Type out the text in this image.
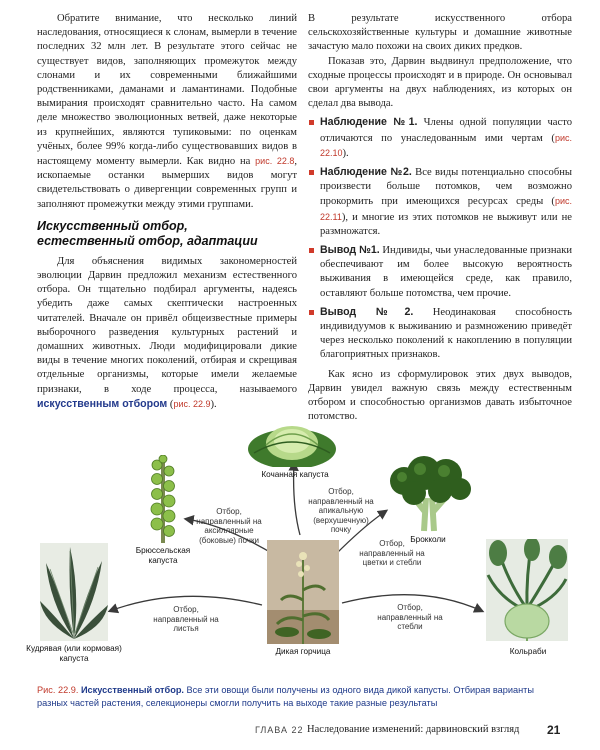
Обратите внимание, что несколько линий наследования, относящиеся к слонам, вымерли в течение последних 32 млн лет. В результате этого сейчас не существует видов, заполняющих промежуток между слонами и их современными ближайшими родственниками, даманами и ламантинами. Подобные вымирания происходят сравнительно часто. На самом деле множество эволюционных ветвей, даже некоторые из крупнейших, являются тупиковыми: по оценкам учёных, более 99% когда-либо существовавших видов в настоящему моменту вымерли. Как видно на рис. 22.8, ископаемые останки вымерших видов могут свидетельствовать о дивергенции современных групп и заполняют промежутки между этими группами.

Искусственный отбор,
естественный отбор, адаптации

Для объяснения видимых закономерностей эволюции Дарвин предложил механизм естественного отбора. Он тщательно подбирал аргументы, надеясь убедить даже самых скептически настроенных читателей. Вначале он привёл общеизвестные примеры выборочного разведения культурных растений и домашних животных. Люди модифицировали дикие виды в течение многих поколений, отбирая и скрещивая отдельные организмы, которые имели желаемые признаки, в ходе процесса, называемого искусственным отбором (рис. 22.9).

В результате искусственного отбора сельскохозяйственные культуры и домашние животные зачастую мало похожи на своих диких предков.

Показав это, Дарвин выдвинул предположение, что сходные процессы происходят и в природе. Он основывал свои аргументы на двух наблюдениях, из которых он сделал два вывода.

Наблюдение №1. Члены одной популяции часто отличаются по унаследованным ими чертам (рис. 22.10).

Наблюдение №2. Все виды потенциально способны произвести больше потомков, чем возможно прокормить при имеющихся ресурсах среды (рис. 22.11), и многие из этих потомков не выживут или не размножатся.

Вывод №1. Индивиды, чьи унаследованные признаки обеспечивают им более высокую вероятность выживания в имеющейся среде, как правило, оставляют больше потомства, чем прочие.

Вывод №2. Неодинаковая способность индивидуумов к выживанию и размножению приведёт через несколько поколений к накоплению в популяции благоприятных признаков.

Как ясно из сформулировок этих двух выводов, Дарвин увидел важную связь между естественным отбором и способностью организмов давать избыточное потомство.

Кочанная капуста
Брюссельская капуста
Брокколи
Кудрявая (или кормовая) капуста
Дикая горчица	Кольраби
Отбор, направленный на апикальную (верхушечную) почку
Отбор, направленный на аксиллярные (боковые) почки	Отбор, направленный на цветки и стебли
Отбор, направленный на листья
Отбор, направленный на стебли
Рис. 22.9. Искусственный отбор. Все эти овощи были получены из одного вида дикой капусты. Отбирая варианты разных частей растения, селекционеры смогли получить на выходе такие разные результаты
ГЛАВА 22 Наследование изменений: дарвиновский взгляд 21
